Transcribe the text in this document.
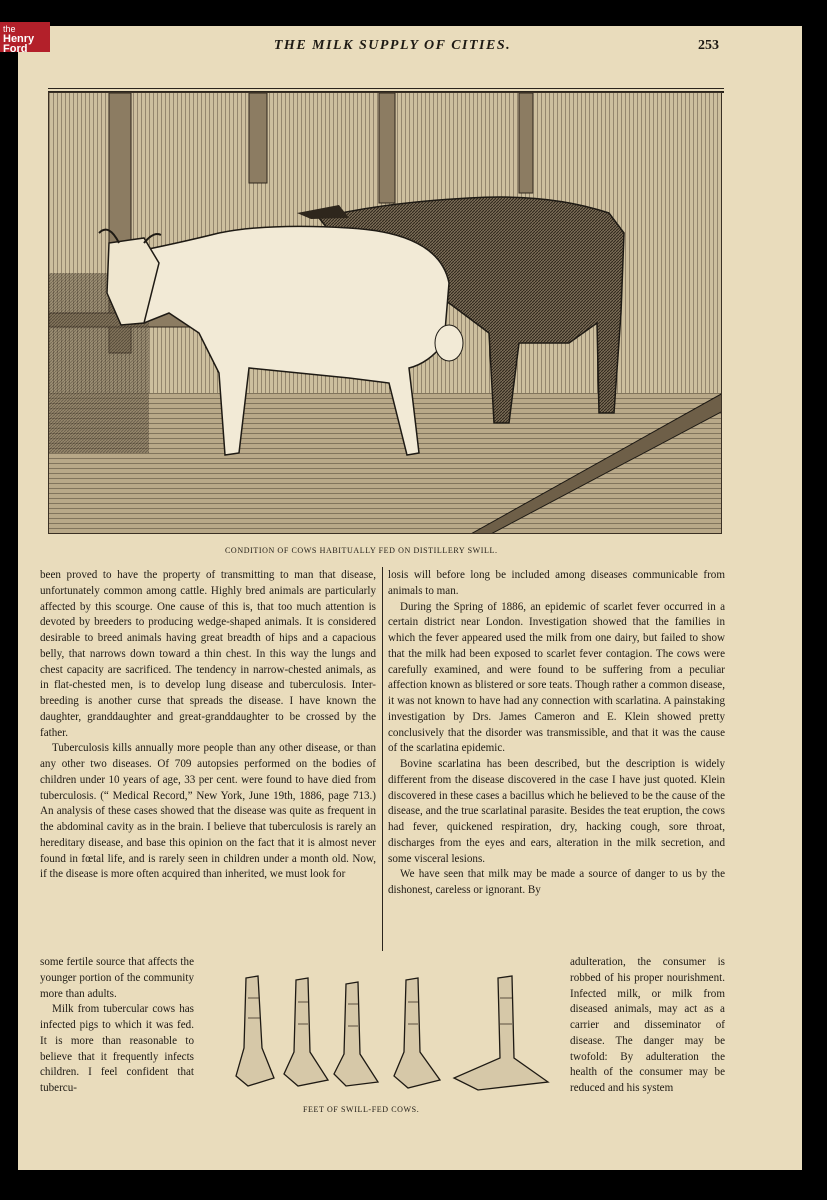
the
Henry
Ford	THE MILK SUPPLY OF CITIES.	253
CONDITION OF COWS HABITUALLY FED ON DISTILLERY SWILL.

been proved to have the property of transmitting to man that disease, unfortunately common among cattle. Highly bred animals are particularly affected by this scourge. One cause of this is, that too much attention is devoted by breeders to producing wedge-shaped animals. It is considered desirable to breed animals having great breadth of hips and a capacious belly, that narrows down toward a thin chest. In this way the lungs and chest capacity are sacrificed. The tendency in narrow-chested animals, as in flat-chested men, is to develop lung disease and tuberculosis. Inter-breeding is another curse that spreads the disease. I have known the daughter, granddaughter and great-granddaughter to be crossed by the father.

Tuberculosis kills annually more people than any other disease, or than any other two diseases. Of 709 autopsies performed on the bodies of children under 10 years of age, 33 per cent. were found to have died from tuberculosis. (“ Medical Record,” New York, June 19th, 1886, page 713.) An analysis of these cases showed that the disease was quite as frequent in the abdominal cavity as in the brain. I believe that tuberculosis is rarely an hereditary disease, and base this opinion on the fact that it is almost never found in fœtal life, and is rarely seen in children under a month old. Now, if the disease is more often acquired than inherited, we must look for

some fertile source that affects the younger portion of the community more than adults.

Milk from tubercular cows has infected pigs to which it was fed. It is more than reasonable to believe that it frequently infects children. I feel confident that tubercu-

losis will before long be included among diseases communicable from animals to man.

During the Spring of 1886, an epidemic of scarlet fever occurred in a certain district near London. Investigation showed that the families in which the fever appeared used the milk from one dairy, but failed to show that the milk had been exposed to scarlet fever contagion. The cows were carefully examined, and were found to be suffering from a peculiar affection known as blistered or sore teats. Though rather a common disease, it was not known to have had any connection with scarlatina. A painstaking investigation by Drs. James Cameron and E. Klein showed pretty conclusively that the disorder was transmissible, and that it was the cause of the scarlatina epidemic.

Bovine scarlatina has been described, but the description is widely different from the disease discovered in the case I have just quoted. Klein discovered in these cases a bacillus which he believed to be the cause of the disease, and the true scarlatinal parasite. Besides the teat eruption, the cows had fever, quickened respiration, dry, hacking cough, sore throat, discharges from the eyes and ears, alteration in the milk secretion, and some visceral lesions.

We have seen that milk may be made a source of danger to us by the dishonest, careless or ignorant. By

adulteration, the consumer is robbed of his proper nourishment. Infected milk, or milk from diseased animals, may act as a carrier and disseminator of disease. The danger may be twofold: By adulteration the health of the consumer may be reduced and his system

FEET OF SWILL-FED COWS.
